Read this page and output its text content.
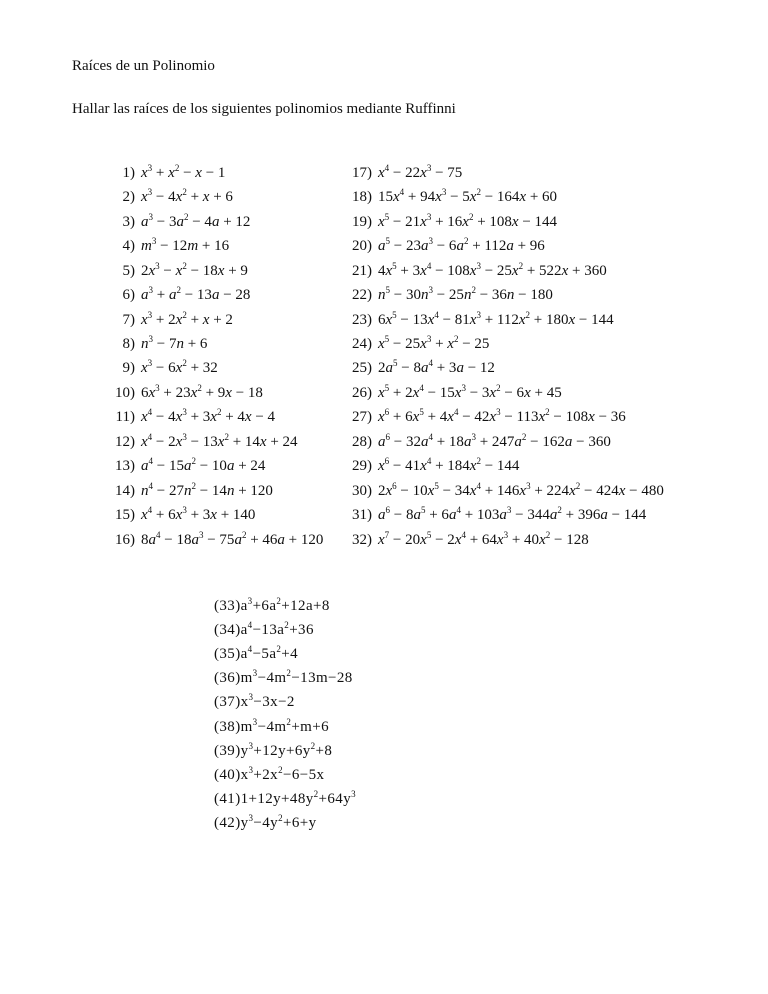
Raíces de un Polinomio
Hallar las raíces de los siguientes polinomios mediante Ruffinni
1) $x^3 + x^2 - x - 1$
2) $x^3 - 4x^2 + x + 6$
3) $a^3 - 3a^2 - 4a + 12$
4) $m^3 - 12m + 16$
5) $2x^3 - x^2 - 18x + 9$
6) $a^3 + a^2 - 13a - 28$
7) $x^3 + 2x^2 + x + 2$
8) $n^3 - 7n + 6$
9) $x^3 - 6x^2 + 32$
10) $6x^3 + 23x^2 + 9x - 18$
11) $x^4 - 4x^3 + 3x^2 + 4x - 4$
12) $x^4 - 2x^3 - 13x^2 + 14x + 24$
13) $a^4 - 15a^2 - 10a + 24$
14) $n^4 - 27n^2 - 14n + 120$
15) $x^4 + 6x^3 + 3x + 140$
16) $8a^4 - 18a^3 - 75a^2 + 46a + 120$
17) $x^4 - 22x^3 - 75$
18) $15x^4 + 94x^3 - 5x^2 - 164x + 60$
19) $x^5 - 21x^3 + 16x^2 + 108x - 144$
20) $a^5 - 23a^3 - 6a^2 + 112a + 96$
21) $4x^5 + 3x^4 - 108x^3 - 25x^2 + 522x + 360$
22) $n^5 - 30n^3 - 25n^2 - 36n - 180$
23) $6x^5 - 13x^4 - 81x^3 + 112x^2 + 180x - 144$
24) $x^5 - 25x^3 + x^2 - 25$
25) $2a^5 - 8a^4 + 3a - 12$
26) $x^5 + 2x^4 - 15x^3 - 3x^2 - 6x + 45$
27) $x^6 + 6x^5 + 4x^4 - 42x^3 - 113x^2 - 108x - 36$
28) $a^6 - 32a^4 + 18a^3 + 247a^2 - 162a - 360$
29) $x^6 - 41x^4 + 184x^2 - 144$
30) $2x^6 - 10x^5 - 34x^4 + 146x^3 + 224x^2 - 424x - 480$
31) $a^6 - 8a^5 + 6a^4 + 103a^3 - 344a^2 + 396a - 144$
32) $x^7 - 20x^5 - 2x^4 + 64x^3 + 40x^2 - 128$
(33) $a^3+6a^2+12a+8$
(34) $a^4-13a^2+36$
(35) $a^4-5a^2+4$
(36) $m^3-4m^2-13m-28$
(37) $x^3-3x-2$
(38) $m^3-4m^2+m+6$
(39) $y^3+12y+6y^2+8$
(40) $x^3+2x^2-6-5x$
(41) $1+12y+48y^2+64y^3$
(42) $y^3-4y^2+6+y$
